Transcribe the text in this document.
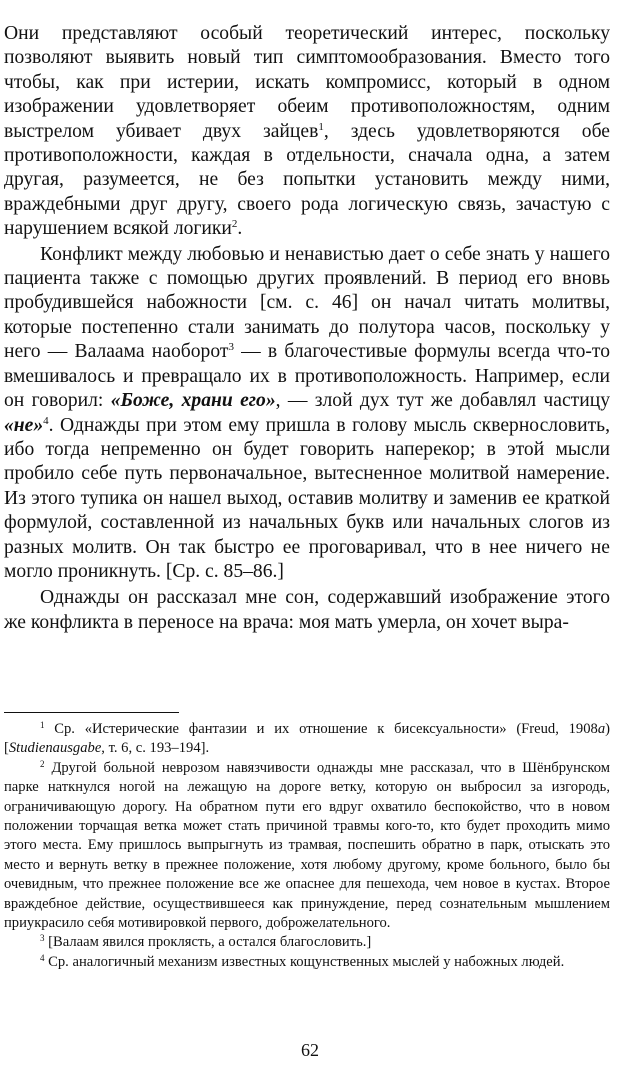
Они представляют особый теоретический интерес, поскольку позволяют выявить новый тип симптомообразования. Вместо того чтобы, как при истерии, искать компромисс, который в одном изображении удовлетворяет обеим противоположностям, одним выстрелом убивает двух зайцев$^1$, здесь удовлетворяются обе противоположности, каждая в отдельности, сначала одна, а затем другая, разумеется, не без попытки установить между ними, враждебными друг другу, своего рода логическую связь, зачастую с нарушением всякой логики$^2$.

Конфликт между любовью и ненавистью дает о себе знать у нашего пациента также с помощью других проявлений. В период его вновь пробудившейся набожности [см. с. 46] он начал читать молитвы, которые постепенно стали занимать до полутора часов, поскольку у него — Валаама наоборот$^3$ — в благочестивые формулы всегда что-то вмешивалось и превращало их в противоположность. Например, если он говорил: «Боже, храни его», — злой дух тут же добавлял частицу «не»$^4$. Однажды при этом ему пришла в голову мысль сквернословить, ибо тогда непременно он будет говорить наперекор; в этой мысли пробило себе путь первоначальное, вытесненное молитвой намерение. Из этого тупика он нашел выход, оставив молитву и заменив ее краткой формулой, составленной из начальных букв или начальных слогов из разных молитв. Он так быстро ее проговаривал, что в нее ничего не могло проникнуть. [Ср. с. 85–86.]

Однажды он рассказал мне сон, содержавший изображение этого же конфликта в переносе на врача: моя мать умерла, он хочет выра-

$^1$ Ср. «Истерические фантазии и их отношение к бисексуальности» (Freud, 1908a) [Studienausgabe, т. 6, с. 193–194].

$^2$ Другой больной неврозом навязчивости однажды мне рассказал, что в Шёнбрунском парке наткнулся ногой на лежащую на дороге ветку, которую он выбросил за изгородь, ограничивающую дорогу. На обратном пути его вдруг охватило беспокойство, что в новом положении торчащая ветка может стать причиной травмы кого-то, кто будет проходить мимо этого места. Ему пришлось выпрыгнуть из трамвая, поспешить обратно в парк, отыскать это место и вернуть ветку в прежнее положение, хотя любому другому, кроме больного, было бы очевидным, что прежнее положение все же опаснее для пешехода, чем новое в кустах. Второе враждебное действие, осуществившееся как принуждение, перед сознательным мышлением приукрасило себя мотивировкой первого, доброжелательного.

$^3$ [Валаам явился проклясть, а остался благословить.]

$^4$ Ср. аналогичный механизм известных кощунственных мыслей у набожных людей.

62
